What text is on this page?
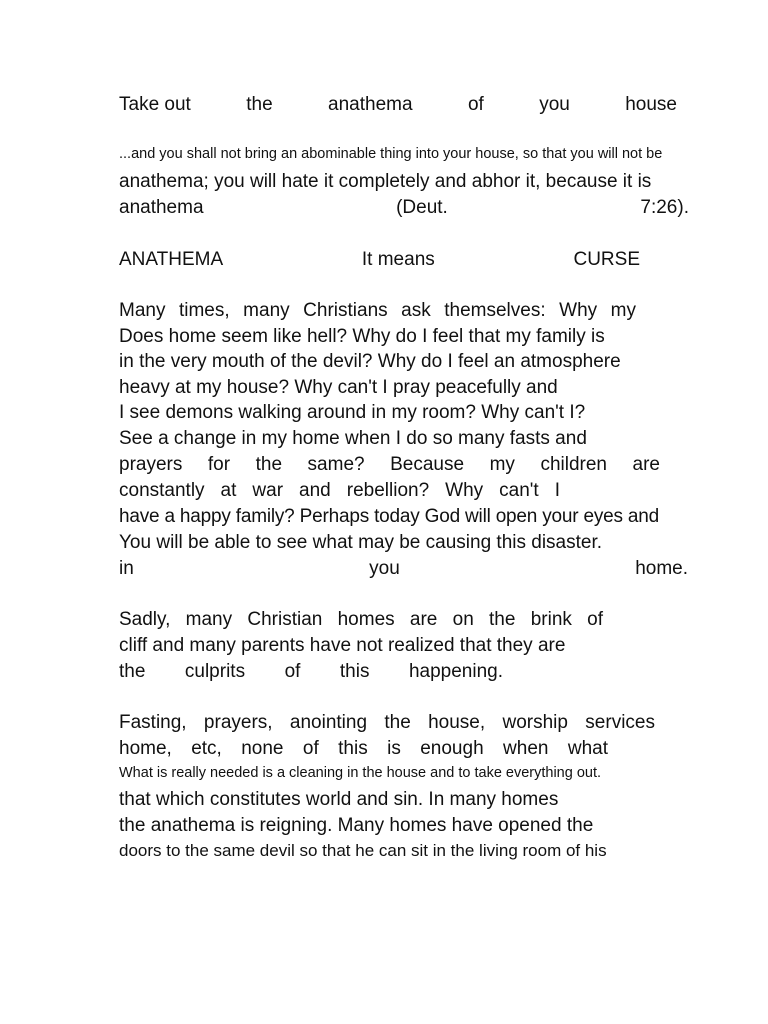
Take out	the	anathema	of	you	house
...and you shall not bring an abominable thing into your house, so that you will not be
anathema; you will hate it completely and abhor it, because it is
anathema	(Deut.	7:26).
ANATHEMA	It means	CURSE
Many times, many Christians ask themselves: Why my
Does home seem like hell? Why do I feel that my family is
in the very mouth of the devil? Why do I feel an atmosphere
heavy at my house? Why can't I pray peacefully and
I see demons walking around in my room? Why can't I?
See a change in my home when I do so many fasts and
prayers for the same? Because my children are
constantly at war and rebellion? Why can't I
have a happy family? Perhaps today God will open your eyes and
You will be able to see what may be causing this disaster.
in	you	home.
Sadly, many Christian homes are on the brink of
cliff and many parents have not realized that they are
the culprits of this happening.
Fasting, prayers, anointing the house, worship services
home, etc, none of this is enough when what
What is really needed is a cleaning in the house and to take everything out.
that which constitutes world and sin. In many homes
the anathema is reigning. Many homes have opened the
doors to the same devil so that he can sit in the living room of his
